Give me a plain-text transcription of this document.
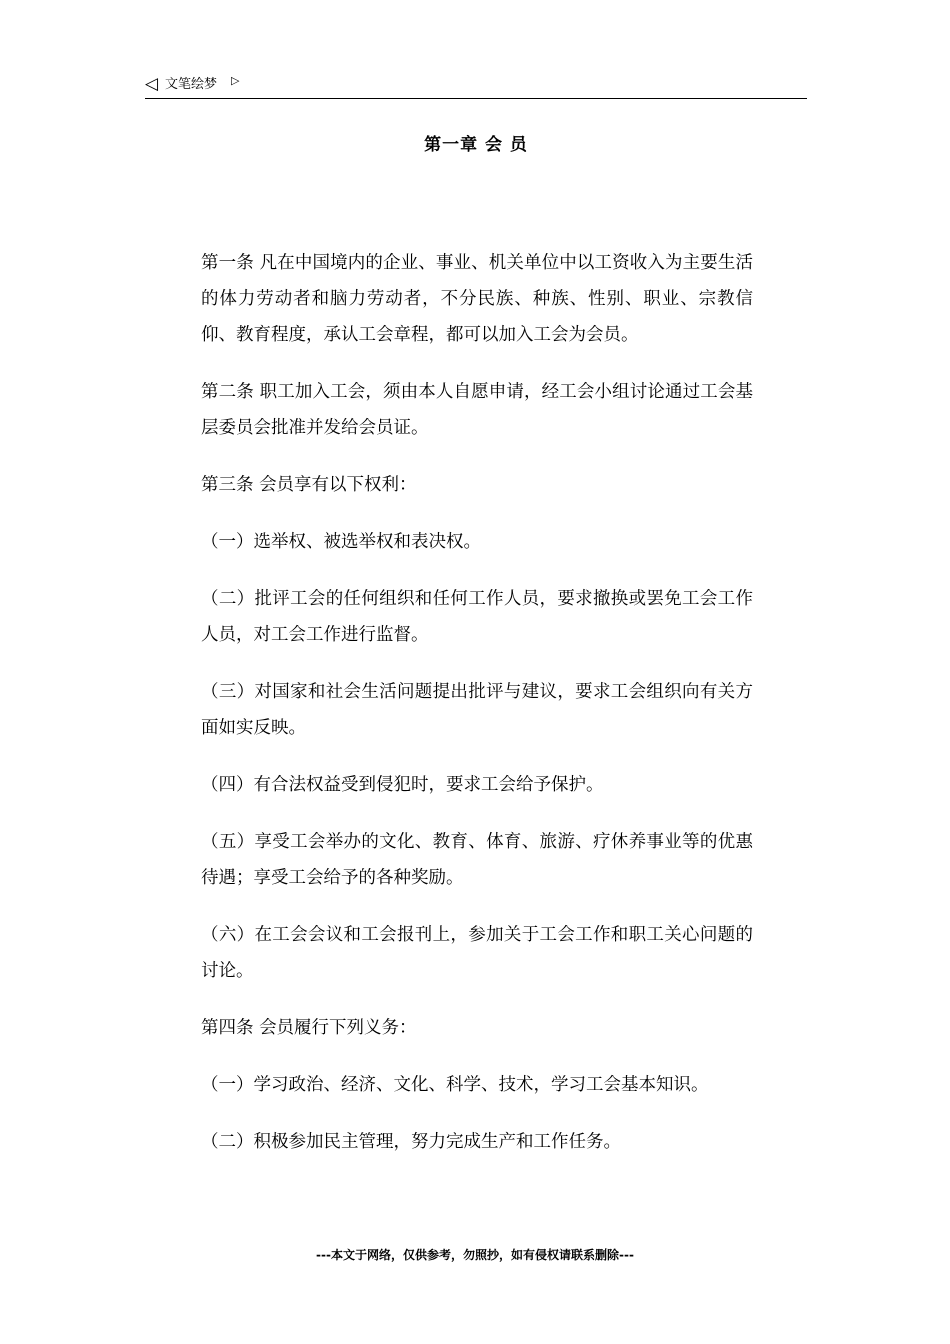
◁ 文笔绘梦 ▷
第一章 会 员

第一条 凡在中国境内的企业、事业、机关单位中以工资收入为主要生活的体力劳动者和脑力劳动者，不分民族、种族、性别、职业、宗教信仰、教育程度，承认工会章程，都可以加入工会为会员。

第二条 职工加入工会，须由本人自愿申请，经工会小组讨论通过工会基层委员会批准并发给会员证。

第三条 会员享有以下权利：

（一）选举权、被选举权和表决权。

（二）批评工会的任何组织和任何工作人员，要求撤换或罢免工会工作人员，对工会工作进行监督。

（三）对国家和社会生活问题提出批评与建议，要求工会组织向有关方面如实反映。

（四）有合法权益受到侵犯时，要求工会给予保护。

（五）享受工会举办的文化、教育、体育、旅游、疗休养事业等的优惠待遇；享受工会给予的各种奖励。

（六）在工会会议和工会报刊上，参加关于工会工作和职工关心问题的讨论。

第四条 会员履行下列义务：

（一）学习政治、经济、文化、科学、技术，学习工会基本知识。

（二）积极参加民主管理，努力完成生产和工作任务。

---本文于网络，仅供参考，勿照抄，如有侵权请联系删除---
